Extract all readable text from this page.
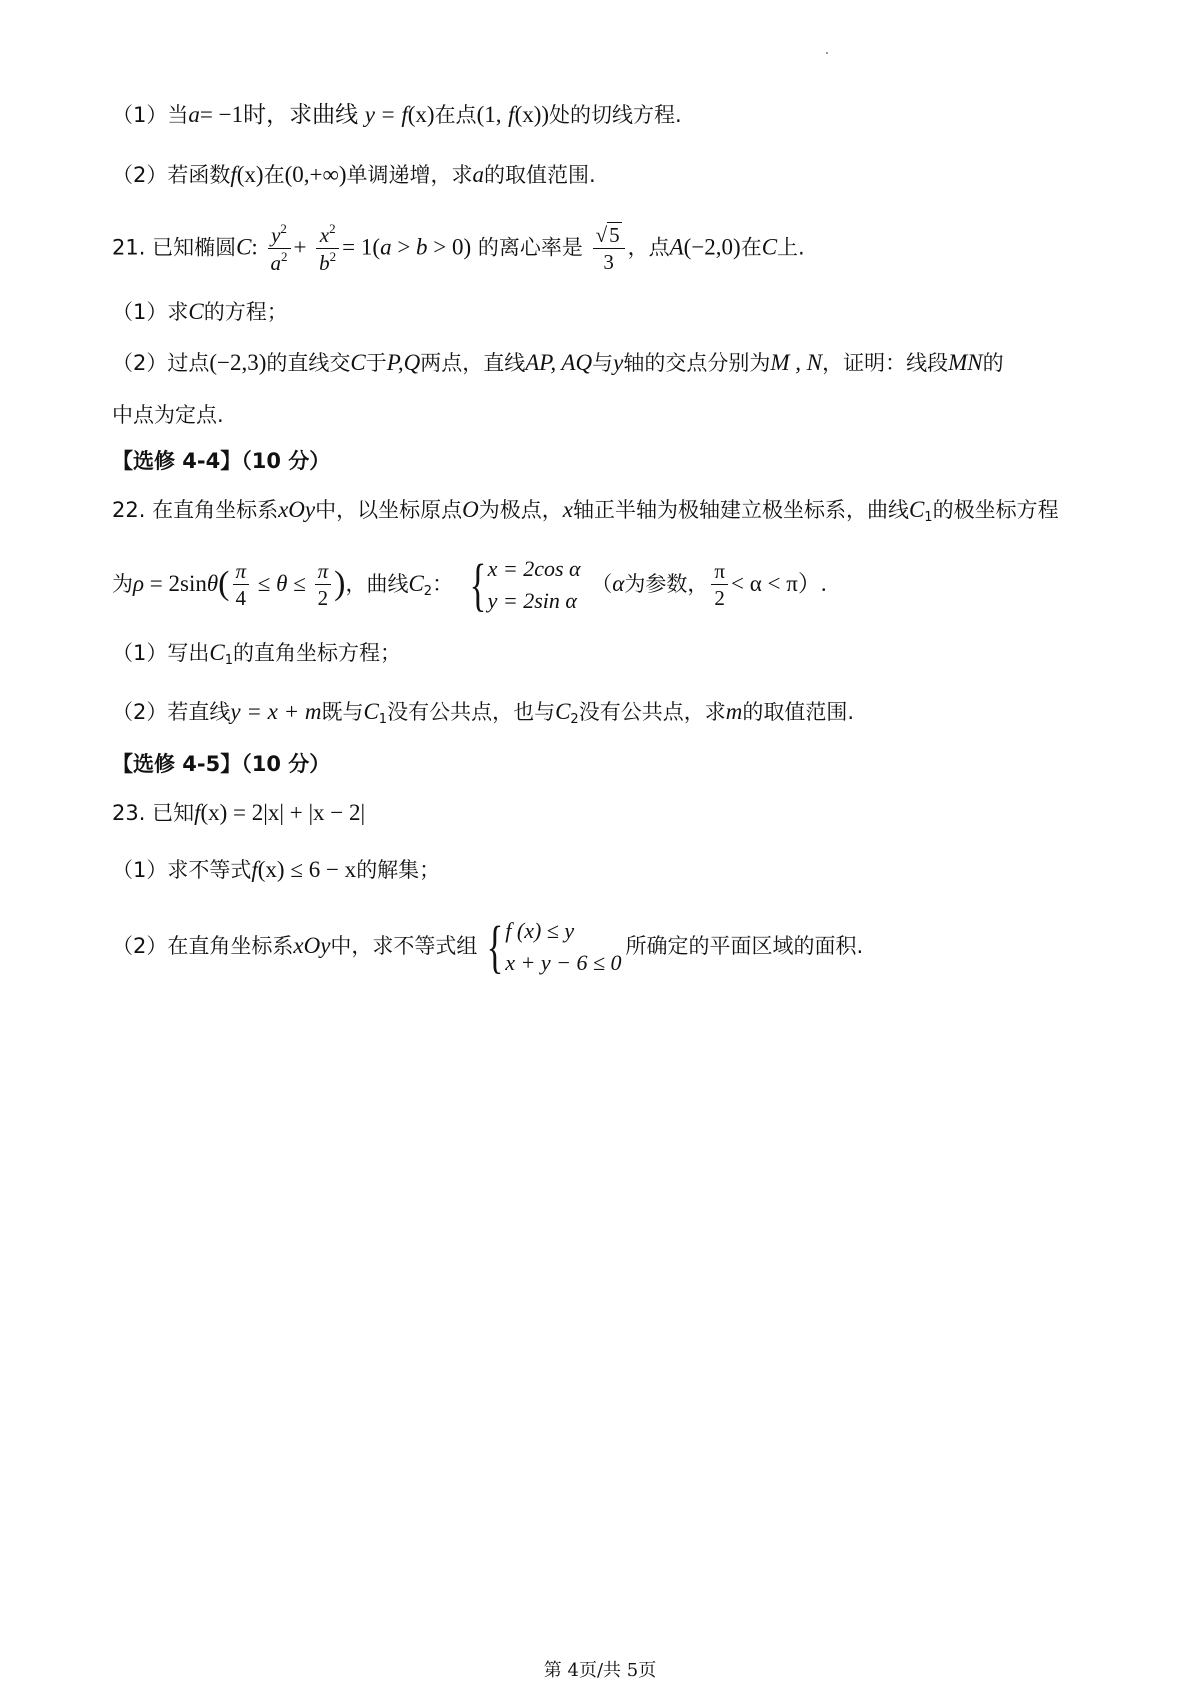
（1）当a= −1时，求曲线 y = f(x)在点(1, f(x))处的切线方程.
（2）若函数f(x)在(0,+∞)单调递增，求a的取值范围.
21. 已知椭圆C: $\frac{y^2}{a^2} + \frac{x^2}{b^2} = 1(a > b > 0)$ 的离心率是 $\frac{√5}{3}$ ，点A(−2,0)在C上.
（1）求C的方程；
（2）过点(−2,3)的直线交C于P,Q两点，直线AP, AQ与y轴的交点分别为M , N，证明：线段MN的
中点为定点.
【选修 4-4】（10 分）
22. 在直角坐标系xOy中，以坐标原点O为极点，x轴正半轴为极轴建立极坐标系，曲线$C_1$的极坐标方程
为$\rho = 2\sin\theta( \frac{\pi}{4} \le \theta \le \frac{\pi}{2}$ )，曲线$C_2$： { x = 2cos α
y = 2sin α
（α为参数， $\frac{\pi}{2} < \alpha < \pi$）.
（1）写出$C_1$的直角坐标方程；
（2）若直线y = x + m既与$C_1$没有公共点，也与$C_2$没有公共点，求m的取值范围.
【选修 4-5】（10 分）
23. 已知f(x) = 2|x| + |x − 2|
（1）求不等式f(x) ≤ 6 − x的解集；
（2）在直角坐标系xOy中，求不等式组 { f (x) ≤ y
x + y − 6 ≤ 0
所确定的平面区域的面积.
第 4页/共 5页
